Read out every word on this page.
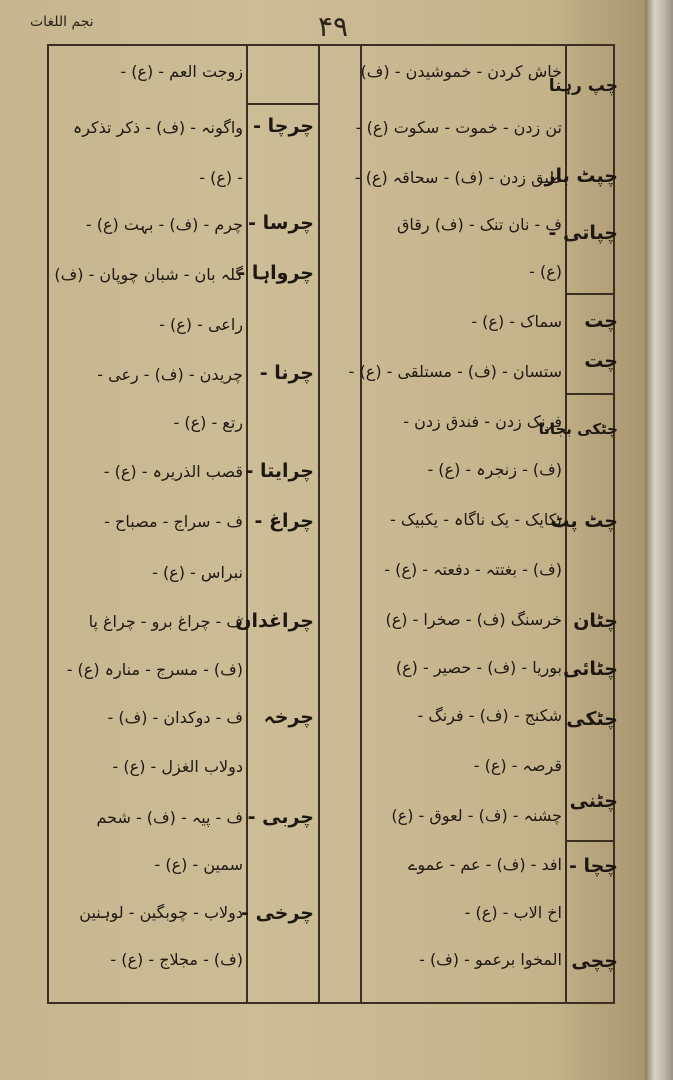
نجم اللغات	۴۹
زوجت العم - (ع) -
واگونہ - (ف) - ذکر تذکرہ
- (ع) -
چرم - (ف) - بہت (ع) -
گلہ بان - شبان چوپان - (ف)
راعی - (ع) -
چریدن - (ف) - رعی -
رتع - (ع) -
قصب الذریرہ - (ع) -
ف - سراج - مصباح -
نبراس - (ع) -
ف - چراغ برو - چراغ پا
(ف) - مسرج - منارہ (ع) -
ف - دوکدان - (ف) -
دولاب الغزل - (ع) -
ف - پیہ - (ف) - شحم
سمین - (ع) -
دولاب - چوبگین - لوہنین
(ف) - مجلاج - (ع) -
چرچا -
چرسا -
چرواہا -
چرنا -
چرایتا -
چراغ -
چراغدان
چرخہ
چربی -
چرخی -
خاش کردن - خموشیدن - (ف)
تن زدن - خموت - سکوت (ع) -
طبق زدن - (ف) - سحاقہ (ع) -
ف - نان تنک - (ف) رقاق
(ع) -
سماک - (ع) -
ستسان - (ف) - مستلقی - (ع) -
فرنک زدن - فندق زدن -
(ف) - زنجرہ - (ع) -
یکایک - یک ناگاہ - یکبیک -
(ف) - بغتتہ - دفعتہ - (ع) -
خرسنگ (ف) - صخرا - (ع)
بوریا - (ف) - حصیر - (ع)
شکنج - (ف) - فرنگ -
قرصہ - (ع) -
چشنہ - (ف) - لعوق - (ع)
افد - (ف) - عم - عموے
اخ الاب - (ع) -
المخوا برعمو - (ف) -
چپ رہنا
چپٹ باز
چپاتی -
چت
چت
چٹکی بجانا
چٹ پٹ
چٹان
چٹائی
چٹکی
چٹنی
چچا -
چچی
